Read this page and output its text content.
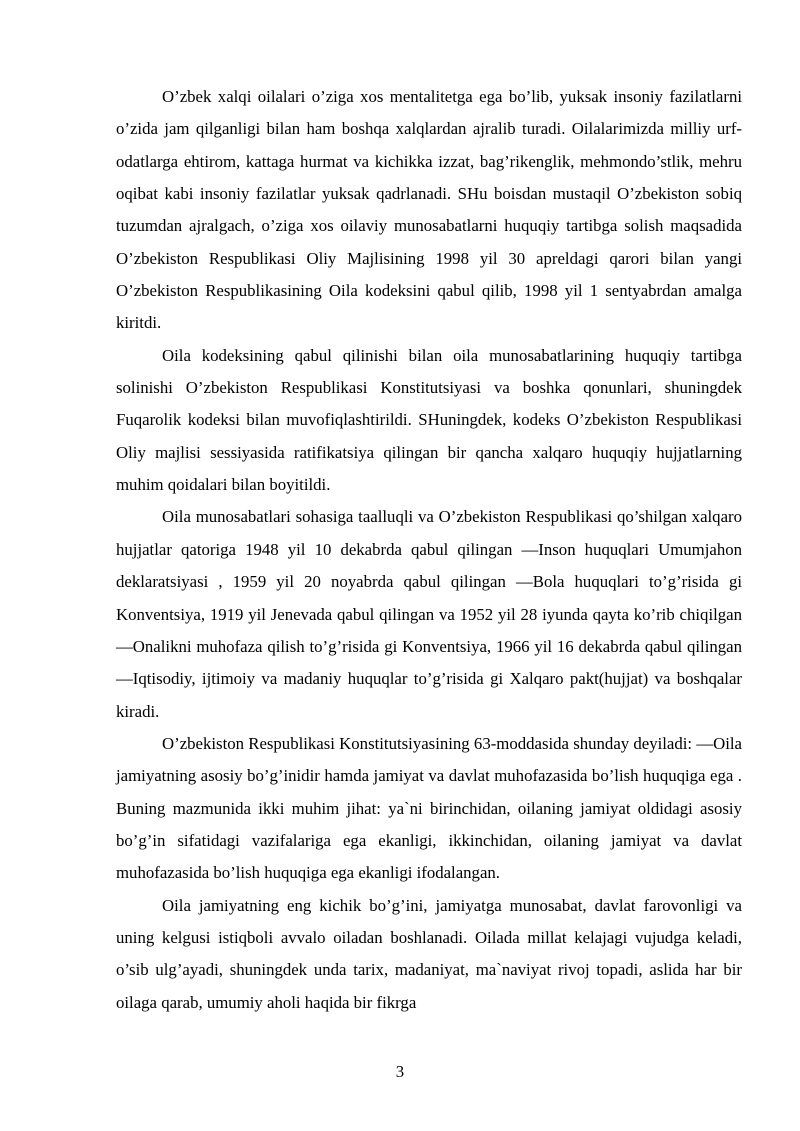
O’zbek xalqi oilalari o’ziga xos mentalitetga ega bo’lib, yuksak insoniy fazilatlarni o’zida jam qilganligi bilan ham boshqa xalqlardan ajralib turadi. Oilalarimizda milliy urf-odatlarga ehtirom, kattaga hurmat va kichikka izzat, bag’rikenglik, mehmondo’stlik, mehru oqibat kabi insoniy fazilatlar yuksak qadrlanadi. SHu boisdan mustaqil O’zbekiston sobiq tuzumdan ajralgach, o’ziga xos oilaviy munosabatlarni huquqiy tartibga solish maqsadida O’zbekiston Respublikasi Oliy Majlisining 1998 yil 30 apreldagi qarori bilan yangi O’zbekiston Respublikasining Oila kodeksini qabul qilib, 1998 yil 1 sentyabrdan amalga kiritdi.

Oila kodeksining qabul qilinishi bilan oila munosabatlarining huquqiy tartibga solinishi O’zbekiston Respublikasi Konstitutsiyasi va boshka qonunlari, shuningdek Fuqarolik kodeksi bilan muvofiqlashtirildi. SHuningdek, kodeks O’zbekiston Respublikasi Oliy majlisi sessiyasida ratifikatsiya qilingan bir qancha xalqaro huquqiy hujjatlarning muhim qoidalari bilan boyitildi.

Oila munosabatlari sohasiga taalluqli va O’zbekiston Respublikasi qo’shilgan xalqaro hujjatlar qatoriga 1948 yil 10 dekabrda qabul qilingan ―Inson huquqlari Umumjahon deklaratsiyasi , 1959 yil 20 noyabrda qabul qilingan ―Bola huquqlari to’g’risida gi Konventsiya, 1919 yil Jenevada qabul qilingan va 1952 yil 28 iyunda qayta ko’rib chiqilgan ―Onalikni muhofaza qilish to’g’risida gi Konventsiya, 1966 yil 16 dekabrda qabul qilingan ―Iqtisodiy, ijtimoiy va madaniy huquqlar to’g’risida gi Xalqaro pakt(hujjat) va boshqalar kiradi.

O’zbekiston Respublikasi Konstitutsiyasining 63-moddasida shunday deyiladi: ―Oila jamiyatning asosiy bo’g’inidir hamda jamiyat va davlat muhofazasida bo’lish huquqiga ega . Buning mazmunida ikki muhim jihat: ya`ni birinchidan, oilaning jamiyat oldidagi asosiy bo’g’in sifatidagi vazifalariga ega ekanligi, ikkinchidan, oilaning jamiyat va davlat muhofazasida bo’lish huquqiga ega ekanligi ifodalangan.

Oila jamiyatning eng kichik bo’g’ini, jamiyatga munosabat, davlat farovonligi va uning kelgusi istiqboli avvalo oiladan boshlanadi. Oilada millat kelajagi vujudga keladi, o’sib ulg’ayadi, shuningdek unda tarix, madaniyat, ma`naviyat rivoj topadi, aslida har bir oilaga qarab, umumiy aholi haqida bir fikrga

3
